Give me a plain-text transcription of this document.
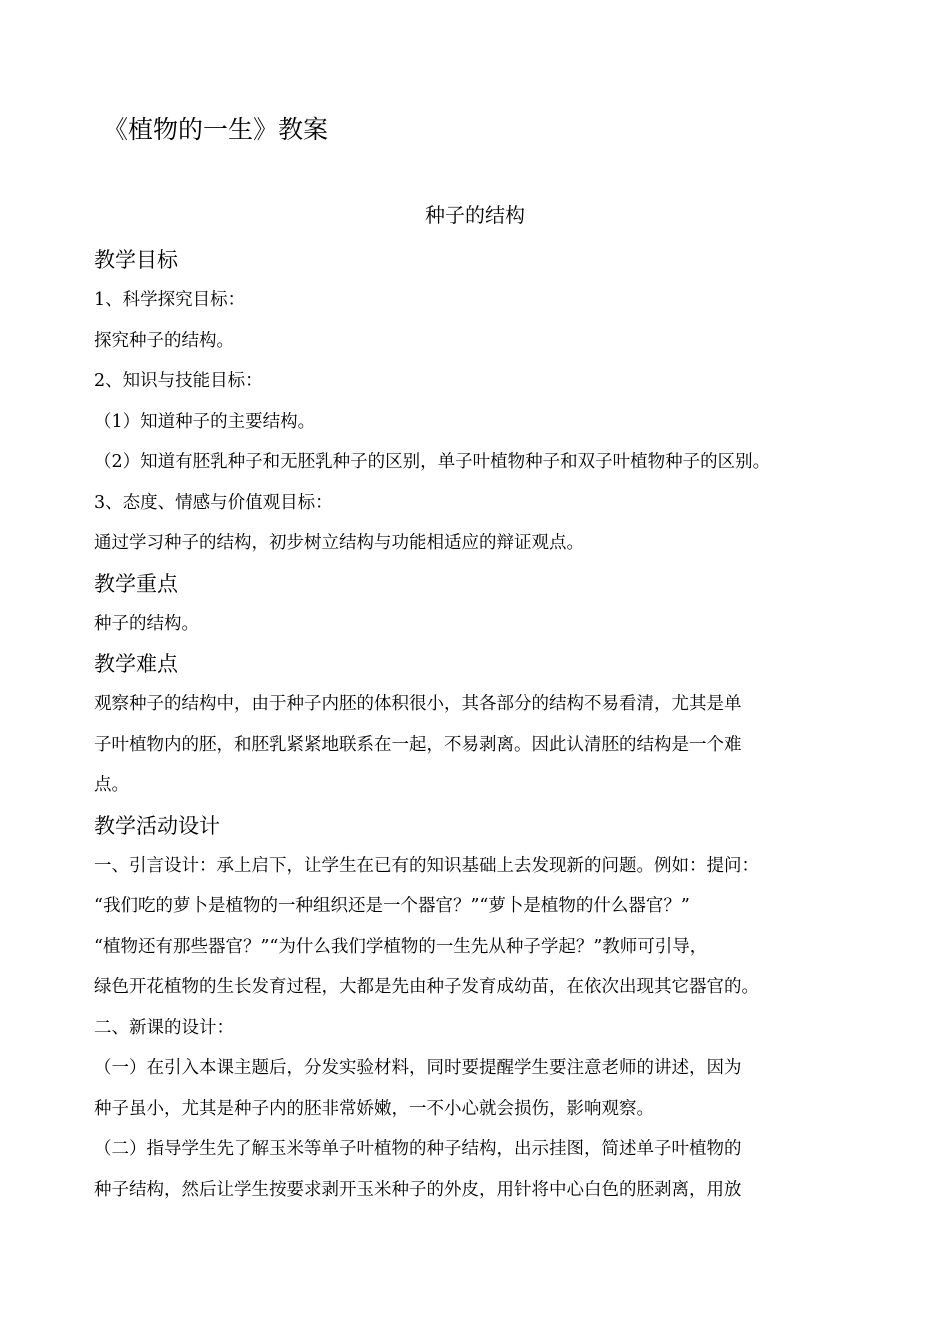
《植物的一生》教案
种子的结构
教学目标
1、科学探究目标：
探究种子的结构。
2、知识与技能目标：
（1）知道种子的主要结构。
（2）知道有胚乳种子和无胚乳种子的区别，单子叶植物种子和双子叶植物种子的区别。
3、态度、情感与价值观目标：
通过学习种子的结构，初步树立结构与功能相适应的辩证观点。
教学重点
种子的结构。
教学难点
观察种子的结构中，由于种子内胚的体积很小，其各部分的结构不易看清，尤其是单
子叶植物内的胚，和胚乳紧紧地联系在一起，不易剥离。因此认清胚的结构是一个难
点。
教学活动设计
一、引言设计：承上启下，让学生在已有的知识基础上去发现新的问题。例如：提问：
“我们吃的萝卜是植物的一种组织还是一个器官？”“萝卜是植物的什么器官？”
“植物还有那些器官？”“为什么我们学植物的一生先从种子学起？”教师可引导，
绿色开花植物的生长发育过程，大都是先由种子发育成幼苗，在依次出现其它器官的。
二、新课的设计：
（一）在引入本课主题后，分发实验材料，同时要提醒学生要注意老师的讲述，因为
种子虽小，尤其是种子内的胚非常娇嫩，一不小心就会损伤，影响观察。
（二）指导学生先了解玉米等单子叶植物的种子结构，出示挂图，简述单子叶植物的
种子结构，然后让学生按要求剥开玉米种子的外皮，用针将中心白色的胚剥离，用放
